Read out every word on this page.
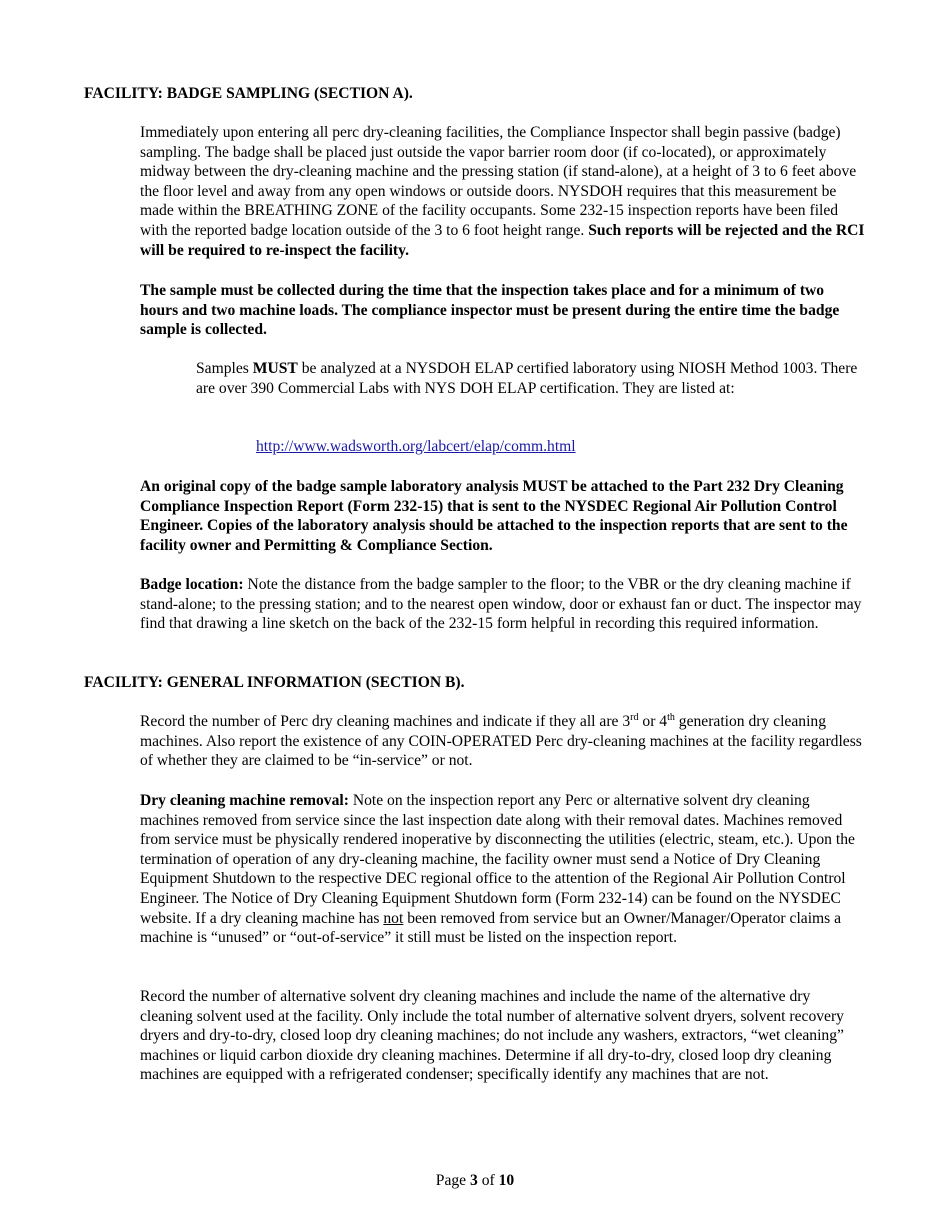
FACILITY: BADGE SAMPLING (SECTION A).

Immediately upon entering all perc dry-cleaning facilities, the Compliance Inspector shall begin passive (badge) sampling. The badge shall be placed just outside the vapor barrier room door (if co-located), or approximately midway between the dry-cleaning machine and the pressing station (if stand-alone), at a height of 3 to 6 feet above the floor level and away from any open windows or outside doors. NYSDOH requires that this measurement be made within the BREATHING ZONE of the facility occupants. Some 232-15 inspection reports have been filed with the reported badge location outside of the 3 to 6 foot height range. Such reports will be rejected and the RCI will be required to re-inspect the facility.

The sample must be collected during the time that the inspection takes place and for a minimum of two hours and two machine loads. The compliance inspector must be present during the entire time the badge sample is collected.

Samples MUST be analyzed at a NYSDOH ELAP certified laboratory using NIOSH Method 1003. There are over 390 Commercial Labs with NYS DOH ELAP certification. They are listed at:

http://www.wadsworth.org/labcert/elap/comm.html

An original copy of the badge sample laboratory analysis MUST be attached to the Part 232 Dry Cleaning Compliance Inspection Report (Form 232-15) that is sent to the NYSDEC Regional Air Pollution Control Engineer. Copies of the laboratory analysis should be attached to the inspection reports that are sent to the facility owner and Permitting & Compliance Section.

Badge location: Note the distance from the badge sampler to the floor; to the VBR or the dry cleaning machine if stand-alone; to the pressing station; and to the nearest open window, door or exhaust fan or duct. The inspector may find that drawing a line sketch on the back of the 232-15 form helpful in recording this required information.

FACILITY: GENERAL INFORMATION (SECTION B).

Record the number of Perc dry cleaning machines and indicate if they all are 3rd or 4th generation dry cleaning machines. Also report the existence of any COIN-OPERATED Perc dry-cleaning machines at the facility regardless of whether they are claimed to be “in-service” or not.

Dry cleaning machine removal: Note on the inspection report any Perc or alternative solvent dry cleaning machines removed from service since the last inspection date along with their removal dates. Machines removed from service must be physically rendered inoperative by disconnecting the utilities (electric, steam, etc.). Upon the termination of operation of any dry-cleaning machine, the facility owner must send a Notice of Dry Cleaning Equipment Shutdown to the respective DEC regional office to the attention of the Regional Air Pollution Control Engineer. The Notice of Dry Cleaning Equipment Shutdown form (Form 232-14) can be found on the NYSDEC website. If a dry cleaning machine has not been removed from service but an Owner/Manager/Operator claims a machine is “unused” or “out-of-service” it still must be listed on the inspection report.

Record the number of alternative solvent dry cleaning machines and include the name of the alternative dry cleaning solvent used at the facility. Only include the total number of alternative solvent dryers, solvent recovery dryers and dry-to-dry, closed loop dry cleaning machines; do not include any washers, extractors, “wet cleaning” machines or liquid carbon dioxide dry cleaning machines. Determine if all dry-to-dry, closed loop dry cleaning machines are equipped with a refrigerated condenser; specifically identify any machines that are not.

Page 3 of 10
